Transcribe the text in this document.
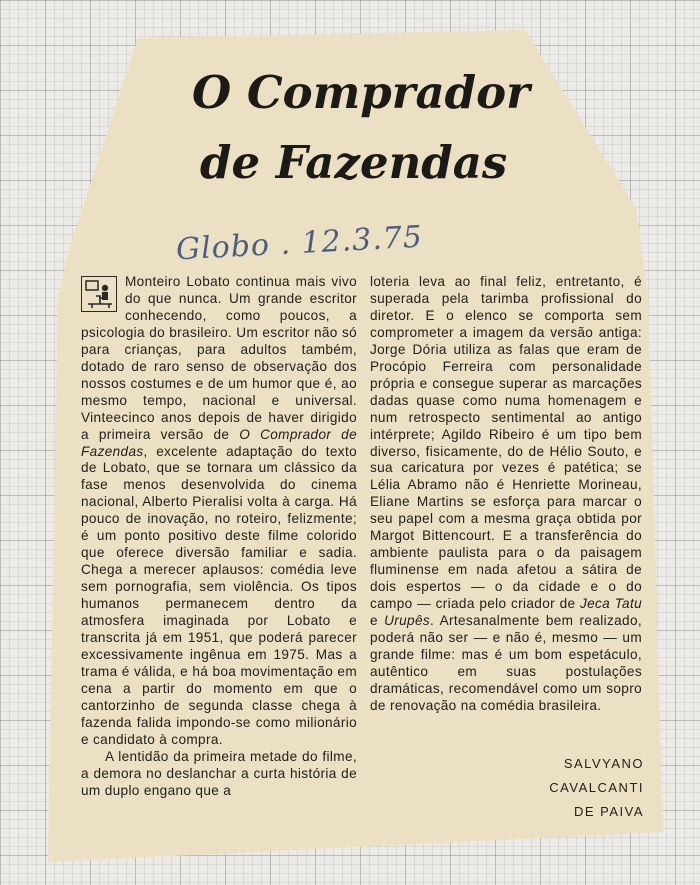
O Comprador
de Fazendas
Globo . 12.3.75

Monteiro Lobato continua mais vivo do que nunca. Um grande escritor conhecendo, como poucos, a psicologia do brasileiro. Um escritor não só para crianças, para adultos também, dotado de raro senso de observação dos nossos costumes e de um humor que é, ao mesmo tempo, nacional e universal. Vinteecinco anos depois de haver dirigido a primeira versão de O Comprador de Fazendas, excelente adaptação do texto de Lobato, que se tornara um clássico da fase menos desenvolvida do cinema nacional, Alberto Pieralisi volta à carga. Há pouco de inovação, no roteiro, felizmente; é um ponto positivo deste filme colorido que oferece diversão familiar e sadia. Chega a merecer aplausos: comédia leve sem pornografia, sem violência. Os tipos humanos permanecem dentro da atmosfera imaginada por Lobato e transcrita já em 1951, que poderá parecer excessivamente ingênua em 1975. Mas a trama é válida, e há boa movimentação em cena a partir do momento em que o cantorzinho de segunda classe chega à fazenda falida impondo-se como milionário e candidato à compra.

A lentidão da primeira metade do filme, a demora no deslanchar a curta história de um duplo engano que a

loteria leva ao final feliz, entretanto, é superada pela tarimba profissional do diretor. E o elenco se comporta sem comprometer a imagem da versão antiga: Jorge Dória utiliza as falas que eram de Procópio Ferreira com personalidade própria e consegue superar as marcações dadas quase como numa homenagem e num retrospecto sentimental ao antigo intérprete; Agildo Ribeiro é um tipo bem diverso, fisicamente, do de Hélio Souto, e sua caricatura por vezes é patética; se Lélia Abramo não é Henriette Morineau, Eliane Martins se esforça para marcar o seu papel com a mesma graça obtida por Margot Bittencourt. E a transferência do ambiente paulista para o da paisagem fluminense em nada afetou a sátira de dois espertos — o da cidade e o do campo — criada pelo criador de Jeca Tatu e Urupês. Artesanalmente bem realizado, poderá não ser — e não é, mesmo — um grande filme: mas é um bom espetáculo, autêntico em suas postulações dramáticas, recomendável como um sopro de renovação na comédia brasileira.

SALVYANO
CAVALCANTI
DE PAIVA
